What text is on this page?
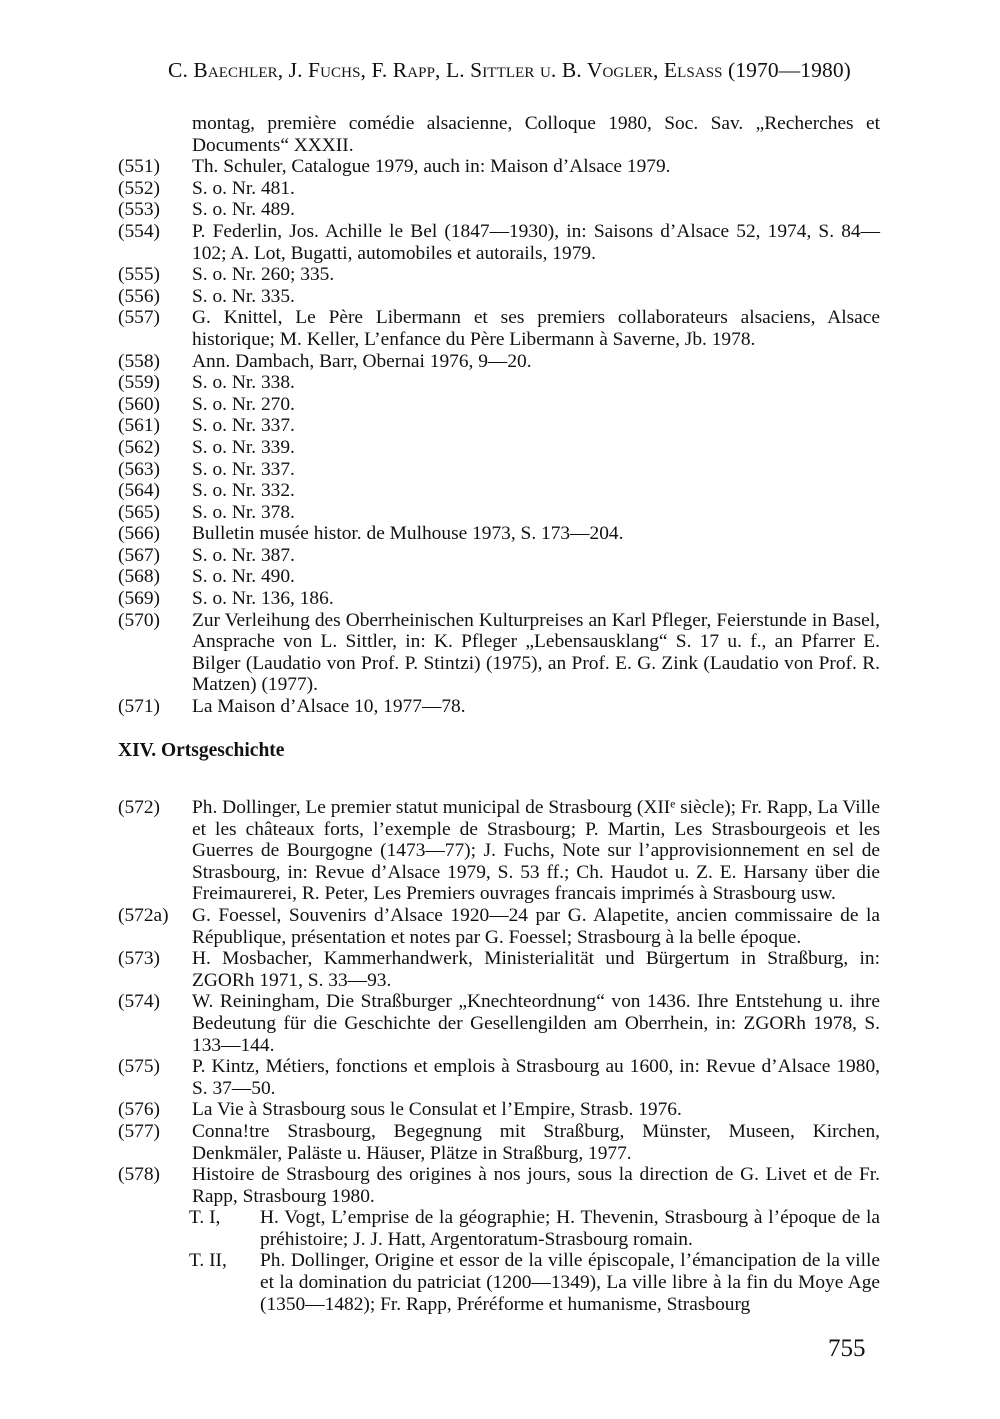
C. Baechler, J. Fuchs, F. Rapp, L. Sittler u. B. Vogler, Elsaß (1970—1980)
montag, première comédie alsacienne, Colloque 1980, Soc. Sav. „Recherches et Documents“ XXXII.
(551) Th. Schuler, Catalogue 1979, auch in: Maison d’Alsace 1979.
(552) S. o. Nr. 481.
(553) S. o. Nr. 489.
(554) P. Federlin, Jos. Achille le Bel (1847—1930), in: Saisons d’Alsace 52, 1974, S. 84—102; A. Lot, Bugatti, automobiles et autorails, 1979.
(555) S. o. Nr. 260; 335.
(556) S. o. Nr. 335.
(557) G. Knittel, Le Père Libermann et ses premiers collaborateurs alsaciens, Alsace historique; M. Keller, L’enfance du Père Libermann à Saverne, Jb. 1978.
(558) Ann. Dambach, Barr, Obernai 1976, 9—20.
(559) S. o. Nr. 338.
(560) S. o. Nr. 270.
(561) S. o. Nr. 337.
(562) S. o. Nr. 339.
(563) S. o. Nr. 337.
(564) S. o. Nr. 332.
(565) S. o. Nr. 378.
(566) Bulletin musée histor. de Mulhouse 1973, S. 173—204.
(567) S. o. Nr. 387.
(568) S. o. Nr. 490.
(569) S. o. Nr. 136, 186.
(570) Zur Verleihung des Oberrheinischen Kulturpreises an Karl Pfleger, Feierstunde in Basel, Ansprache von L. Sittler, in: K. Pfleger „Lebensausklang“ S. 17 u. f., an Pfarrer E. Bilger (Laudatio von Prof. P. Stintzi) (1975), an Prof. E. G. Zink (Laudatio von Prof. R. Matzen) (1977).
(571) La Maison d’Alsace 10, 1977—78.
XIV. Ortsgeschichte
(572) Ph. Dollinger, Le premier statut municipal de Strasbourg (XIIᵉ siècle); Fr. Rapp, La Ville et les châteaux forts, l’exemple de Strasbourg; P. Martin, Les Strasbourgeois et les Guerres de Bourgogne (1473—77); J. Fuchs, Note sur l’approvisionnement en sel de Strasbourg, in: Revue d’Alsace 1979, S. 53 ff.; Ch. Haudot u. Z. E. Harsany über die Freimaurerei, R. Peter, Les Premiers ouvrages francais imprimés à Strasbourg usw.
(572a) G. Foessel, Souvenirs d’Alsace 1920—24 par G. Alapetite, ancien commissaire de la République, présentation et notes par G. Foessel; Strasbourg à la belle époque.
(573) H. Mosbacher, Kammerhandwerk, Ministerialität und Bürgertum in Straßburg, in: ZGORh 1971, S. 33—93.
(574) W. Reiningham, Die Straßburger „Knechteordnung“ von 1436. Ihre Entstehung u. ihre Bedeutung für die Geschichte der Gesellengilden am Oberrhein, in: ZGORh 1978, S. 133—144.
(575) P. Kintz, Métiers, fonctions et emplois à Strasbourg au 1600, in: Revue d’Alsace 1980, S. 37—50.
(576) La Vie à Strasbourg sous le Consulat et l’Empire, Strasb. 1976.
(577) Conna!tre Strasbourg, Begegnung mit Straßburg, Münster, Museen, Kirchen, Denkmäler, Paläste u. Häuser, Plätze in Straßburg, 1977.
(578) Histoire de Strasbourg des origines à nos jours, sous la direction de G. Livet et de Fr. Rapp, Strasbourg 1980.
T. I, H. Vogt, L’emprise de la géographie; H. Thevenin, Strasbourg à l’époque de la préhistoire; J. J. Hatt, Argentoratum-Strasbourg romain.
T. II, Ph. Dollinger, Origine et essor de la ville épiscopale, l’émancipation de la ville et la domination du patriciat (1200—1349), La ville libre à la fin du Moye Age (1350—1482); Fr. Rapp, Préréforme et humanisme, Strasbourg
755
